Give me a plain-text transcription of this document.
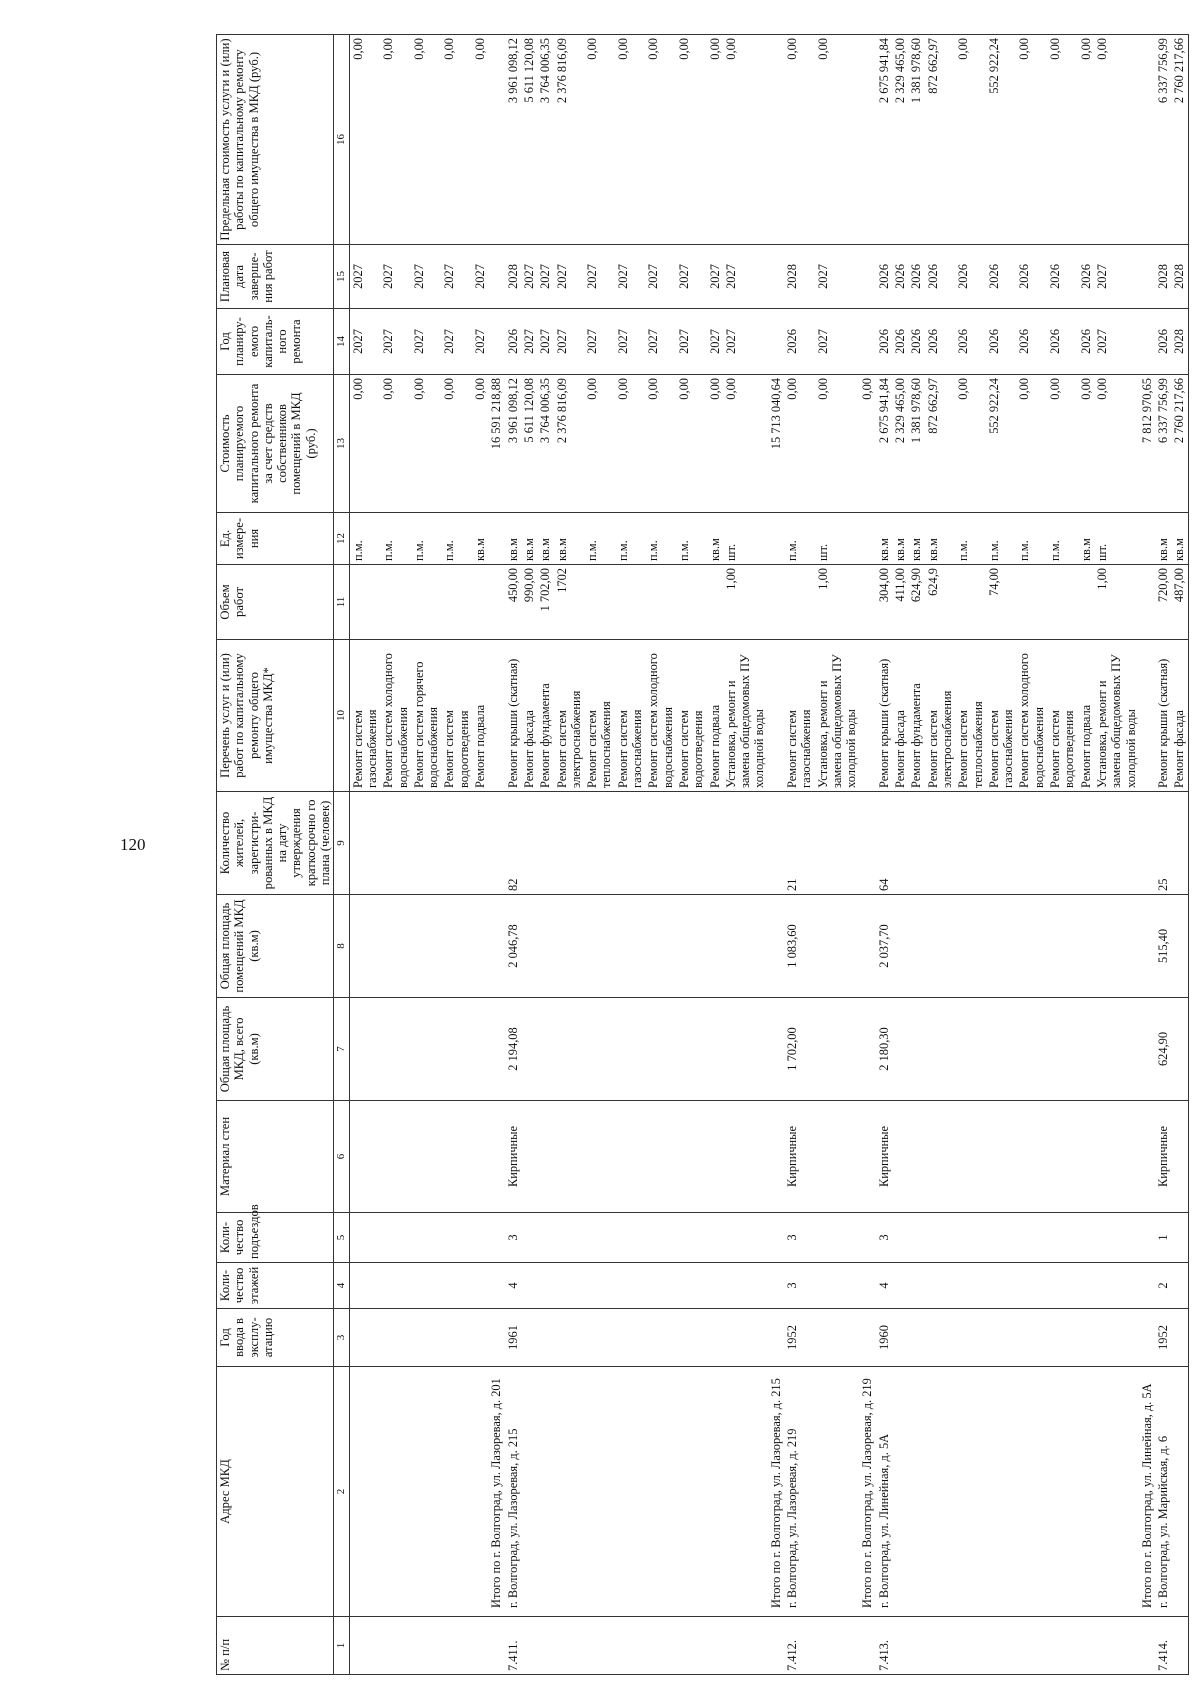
120
№ п/п	Адрес МКД	Год ввода в эксплу-атацию	Коли-чество этажей	Коли-чество подъездов	Материал стен	Общая площадь МКД, всего (кв.м)	Общая площадь помещений МКД (кв.м)	Количество жителей, зарегистри-рованных в МКД на дату утверждения краткосрочно го плана (человек)	Перечень услуг и (или) работ по капитальному ремонту общего имущества МКД*	Объем работ	Ед. измере-ния	Стоимость планируемого капитального ремонта за счет средств собственников помещений в МКД (руб.)	Год планиру-емого капиталь-ного ремонта	Плановая дата заверше-ния работ	Предельная стоимость услуги и (или) работы по капитальному ремонту общего имущества в МКД (руб.)
1	2	3	4	5	6	7	8	9	10	11	12	13	14	15	16
									Ремонт систем газоснабжения		п.м.	0,00	2027	2027	0,00
									Ремонт систем холодного водоснабжения		п.м.	0,00	2027	2027	0,00
									Ремонт систем горячего водоснабжения		п.м.	0,00	2027	2027	0,00
									Ремонт систем водоотведения		п.м.	0,00	2027	2027	0,00
									Ремонт подвала		кв.м	0,00	2027	2027	0,00
	Итого по г. Волгоград, ул. Лазоревая, д. 201											16 591 218,88			
7.411.	г. Волгоград, ул. Лазоревая, д. 215	1961	4	3	Кирпичные	2 194,08	2 046,78	82	Ремонт крыши (скатная)	450,00	кв.м	3 961 098,12	2026	2028	3 961 098,12
									Ремонт фасада	990,00	кв.м	5 611 120,08	2027	2027	5 611 120,08
									Ремонт фундамента	1 702,00	кв.м	3 764 006,35	2027	2027	3 764 006,35
									Ремонт систем электроснабжения	1702	кв.м	2 376 816,09	2027	2027	2 376 816,09
									Ремонт систем теплоснабжения		п.м.	0,00	2027	2027	0,00
									Ремонт систем газоснабжения		п.м.	0,00	2027	2027	0,00
									Ремонт систем холодного водоснабжения		п.м.	0,00	2027	2027	0,00
									Ремонт систем водоотведения		п.м.	0,00	2027	2027	0,00
									Ремонт подвала		кв.м	0,00	2027	2027	0,00
									Установка, ремонт и замена общедомовых ПУ холодной воды	1,00	шт.	0,00	2027	2027	0,00
	Итого по г. Волгоград, ул. Лазоревая, д. 215											15 713 040,64			
7.412.	г. Волгоград, ул. Лазоревая, д. 219	1952	3	3	Кирпичные	1 702,00	1 083,60	21	Ремонт систем газоснабжения		п.м.	0,00	2026	2028	0,00
									Установка, ремонт и замена общедомовых ПУ холодной воды	1,00	шт.	0,00	2027	2027	0,00
	Итого по г. Волгоград, ул. Лазоревая, д. 219											0,00			
7.413.	г. Волгоград, ул. Линейная, д. 5А	1960	4	3	Кирпичные	2 180,30	2 037,70	64	Ремонт крыши (скатная)	304,00	кв.м	2 675 941,84	2026	2026	2 675 941,84
									Ремонт фасада	411,00	кв.м	2 329 465,00	2026	2026	2 329 465,00
									Ремонт фундамента	624,90	кв.м	1 381 978,60	2026	2026	1 381 978,60
									Ремонт систем электроснабжения	624,9	кв.м	872 662,97	2026	2026	872 662,97
									Ремонт систем теплоснабжения		п.м.	0,00	2026	2026	0,00
									Ремонт систем газоснабжения	74,00	п.м.	552 922,24	2026	2026	552 922,24
									Ремонт систем холодного водоснабжения		п.м.	0,00	2026	2026	0,00
									Ремонт систем водоотведения		п.м.	0,00	2026	2026	0,00
									Ремонт подвала		кв.м	0,00	2026	2026	0,00
									Установка, ремонт и замена общедомовых ПУ холодной воды	1,00	шт.	0,00	2027	2027	0,00
	Итого по г. Волгоград, ул. Линейная, д. 5А											7 812 970,65			
7.414.	г. Волгоград, ул. Марийская, д. 6	1952	2	1	Кирпичные	624,90	515,40	25	Ремонт крыши (скатная)	720,00	кв.м	6 337 756,99	2026	2028	6 337 756,99
									Ремонт фасада	487,00	кв.м	2 760 217,66	2028	2028	2 760 217,66
